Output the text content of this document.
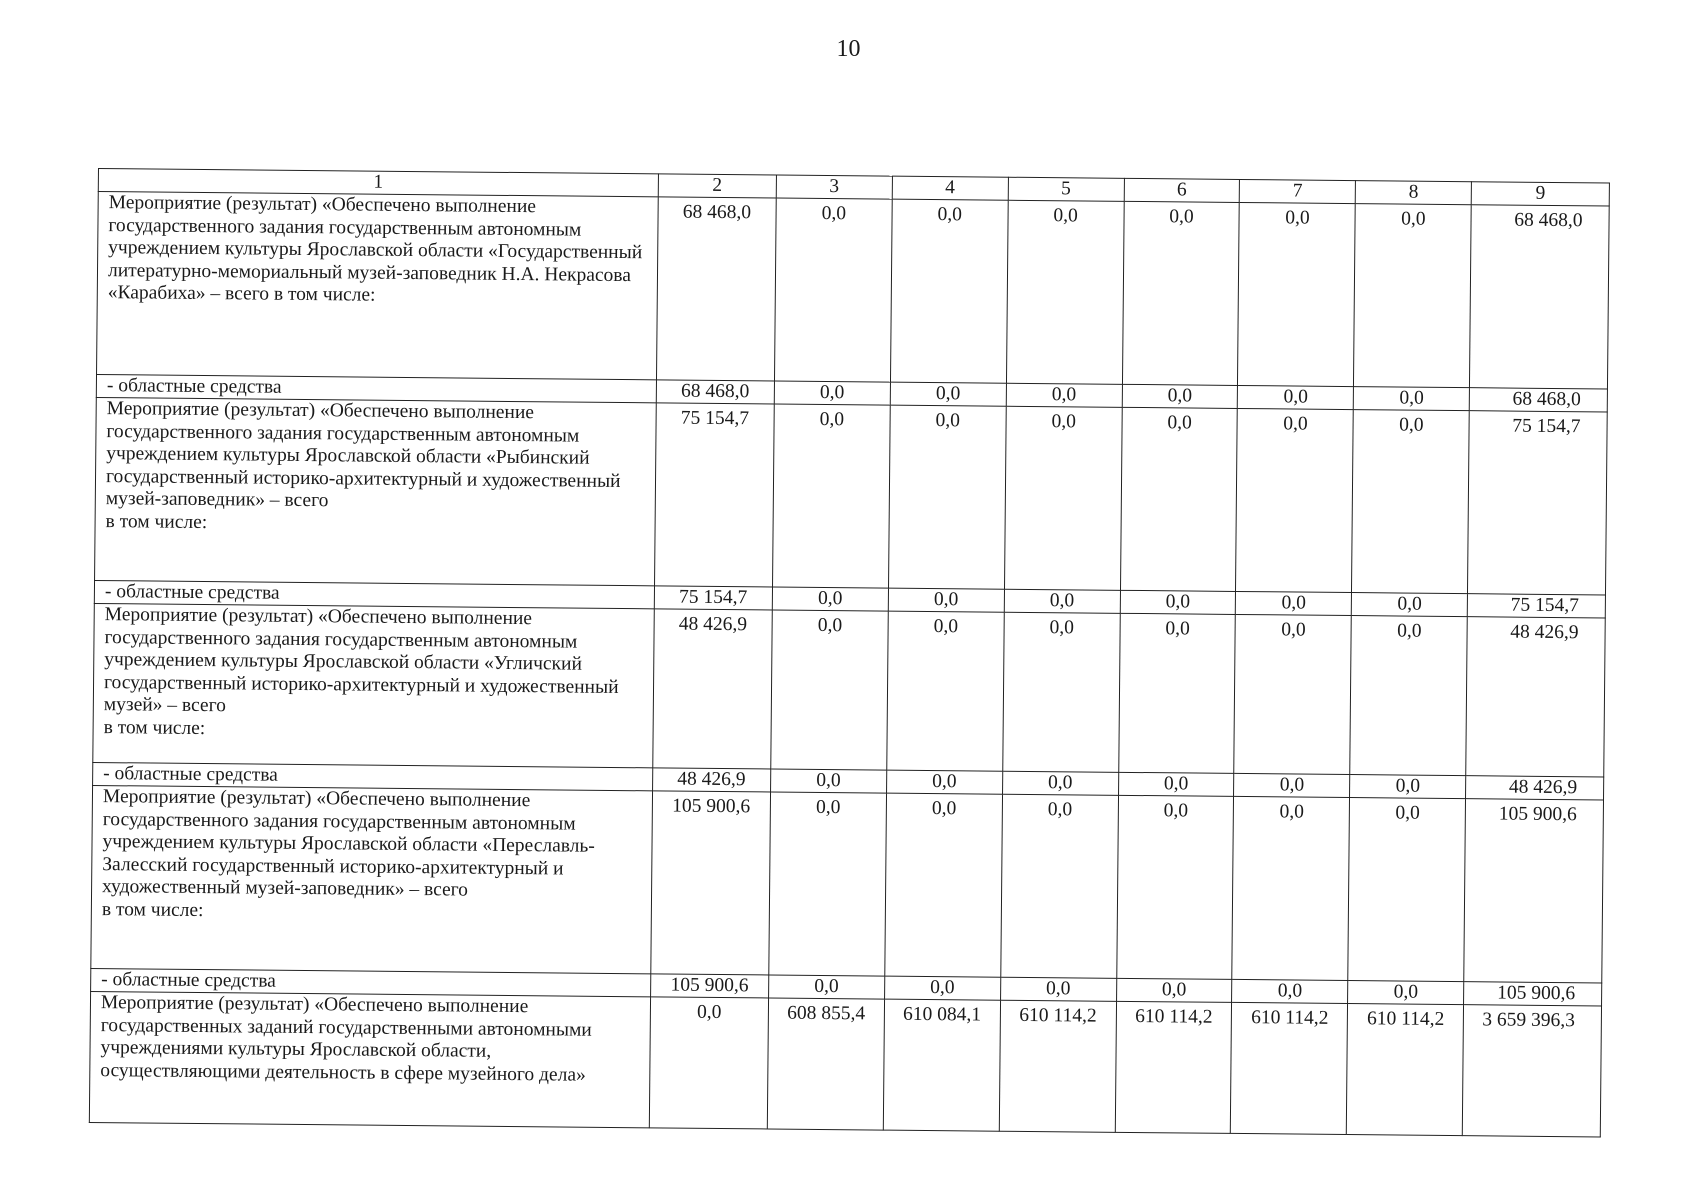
10
1	2	3	4	5	6	7	8	9
Мероприятие (результат) «Обеспечено выполнение государственного задания государственным автономным учреждением культуры Ярославской области «Государственный литературно-мемориальный музей-заповедник Н.А. Некрасова «Карабиха» – всего в том числе:	68 468,0	0,0	0,0	0,0	0,0	0,0	0,0	68 468,0
- областные средства	68 468,0	0,0	0,0	0,0	0,0	0,0	0,0	68 468,0
Мероприятие (результат) «Обеспечено выполнение государственного задания государственным автономным учреждением культуры Ярославской области «Рыбинский государственный историко-архитектурный и художественный музей-заповедник» – всего
в том числе:	75 154,7	0,0	0,0	0,0	0,0	0,0	0,0	75 154,7
- областные средства	75 154,7	0,0	0,0	0,0	0,0	0,0	0,0	75 154,7
Мероприятие (результат) «Обеспечено выполнение государственного задания государственным автономным учреждением культуры Ярославской области «Угличский государственный историко-архитектурный и художественный музей» – всего
в том числе:	48 426,9	0,0	0,0	0,0	0,0	0,0	0,0	48 426,9
- областные средства	48 426,9	0,0	0,0	0,0	0,0	0,0	0,0	48 426,9
Мероприятие (результат) «Обеспечено выполнение государственного задания государственным автономным учреждением культуры Ярославской области «Переславль-Залесский государственный историко-архитектурный и художественный музей-заповедник» – всего
в том числе:	105 900,6	0,0	0,0	0,0	0,0	0,0	0,0	105 900,6
- областные средства	105 900,6	0,0	0,0	0,0	0,0	0,0	0,0	105 900,6
Мероприятие (результат) «Обеспечено выполнение государственных заданий государственными автономными учреждениями культуры Ярославской области, осуществляющими деятельность в сфере музейного дела»	0,0	608 855,4	610 084,1	610 114,2	610 114,2	610 114,2	610 114,2	3 659 396,3
